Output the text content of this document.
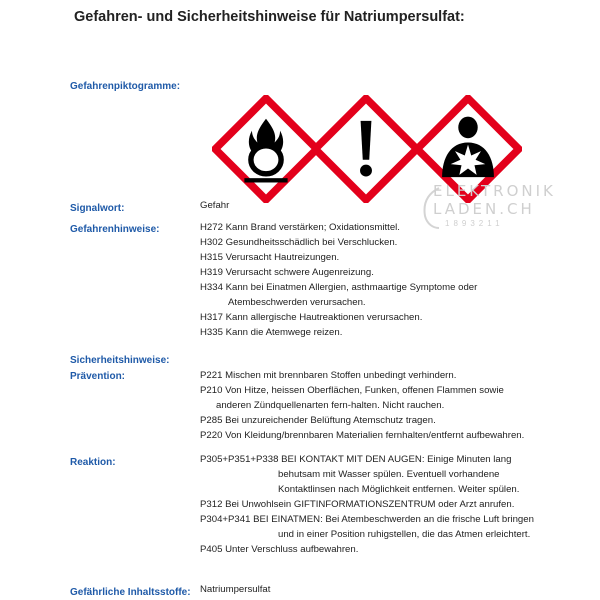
Gefahren- und Sicherheitshinweise für Natriumpersulfat:
Gefahrenpiktogramme:
ELEKTRONIK
LADEN.CH
1893211
Signalwort:	Gefahr
Gefahrenhinweise:	H272 Kann Brand verstärken; Oxidationsmittel.
H302 Gesundheitsschädlich bei Verschlucken.
H315 Verursacht Hautreizungen.
H319 Verursacht schwere Augenreizung.
H334 Kann bei Einatmen Allergien, asthmaartige Symptome oder
Atembeschwerden verursachen.
H317 Kann allergische Hautreaktionen verursachen.
H335 Kann die Atemwege reizen.
Sicherheitshinweise:
Prävention:	P221 Mischen mit brennbaren Stoffen unbedingt verhindern.
P210 Von Hitze, heissen Oberflächen, Funken, offenen Flammen sowie
anderen Zündquellenarten fern-halten. Nicht rauchen.
P285 Bei unzureichender Belüftung Atemschutz tragen.
P220 Von Kleidung/brennbaren Materialien fernhalten/entfernt aufbewahren.
Reaktion:	P305+P351+P338 BEI KONTAKT MIT DEN AUGEN: Einige Minuten lang
behutsam mit Wasser spülen. Eventuell vorhandene
Kontaktlinsen nach Möglichkeit entfernen. Weiter spülen.
P312 Bei Unwohlsein GIFTINFORMATIONSZENTRUM oder Arzt anrufen.
P304+P341 BEI EINATMEN: Bei Atembeschwerden an die frische Luft bringen
und in einer Position ruhigstellen, die das Atmen erleichtert.
P405 Unter Verschluss aufbewahren.
Gefährliche Inhaltsstoffe: Natriumpersulfat
